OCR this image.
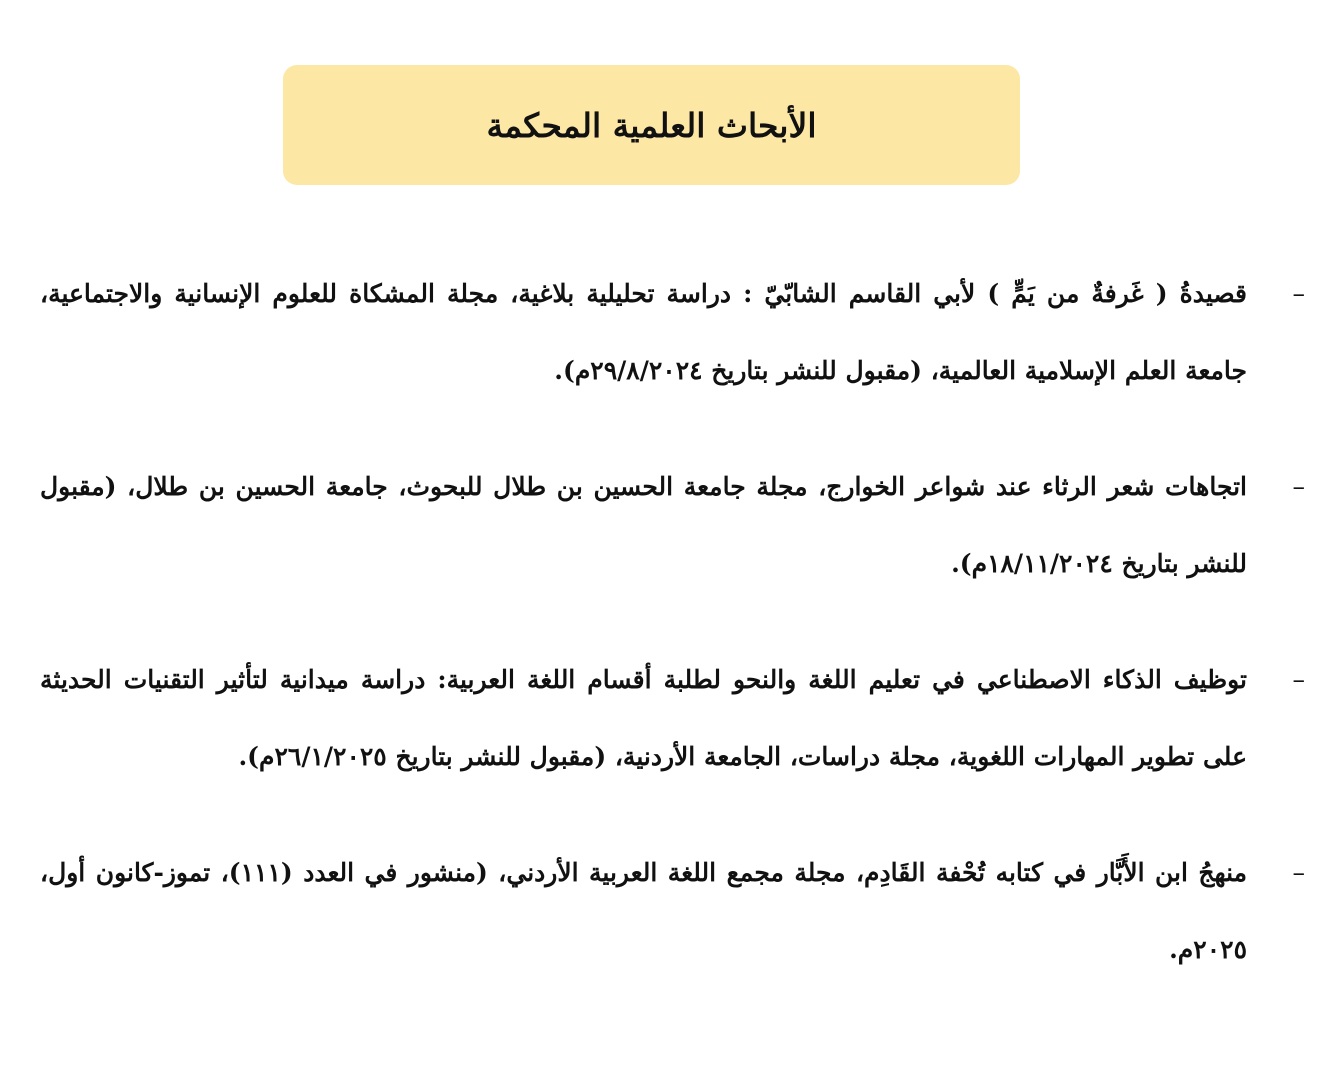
الأبحاث العلمية المحكمة
–
قصيدةُ ( غَرفةٌ من يَمٍّ ) لأبي القاسم الشابّيّ : دراسة تحليلية بلاغية، مجلة المشكاة للعلوم الإنسانية والاجتماعية، جامعة العلم الإسلامية العالمية، (مقبول للنشر بتاريخ ٢٩/٨/٢٠٢٤م).
–
اتجاهات شعر الرثاء عند شواعر الخوارج، مجلة جامعة الحسين بن طلال للبحوث، جامعة الحسين بن طلال، (مقبول للنشر بتاريخ ١٨/١١/٢٠٢٤م).
–
توظيف الذكاء الاصطناعي في تعليم اللغة والنحو لطلبة أقسام اللغة العربية: دراسة ميدانية لتأثير التقنيات الحديثة على تطوير المهارات اللغوية، مجلة دراسات، الجامعة الأردنية، (مقبول للنشر بتاريخ ٢٦/١/٢٠٢٥م).
–
منهجُ ابن الأَبَّار في كتابه تُحْفة القَادِم، مجلة مجمع اللغة العربية الأردني، (منشور في العدد (١١١)، تموز-كانون أول، ٢٠٢٥م.
